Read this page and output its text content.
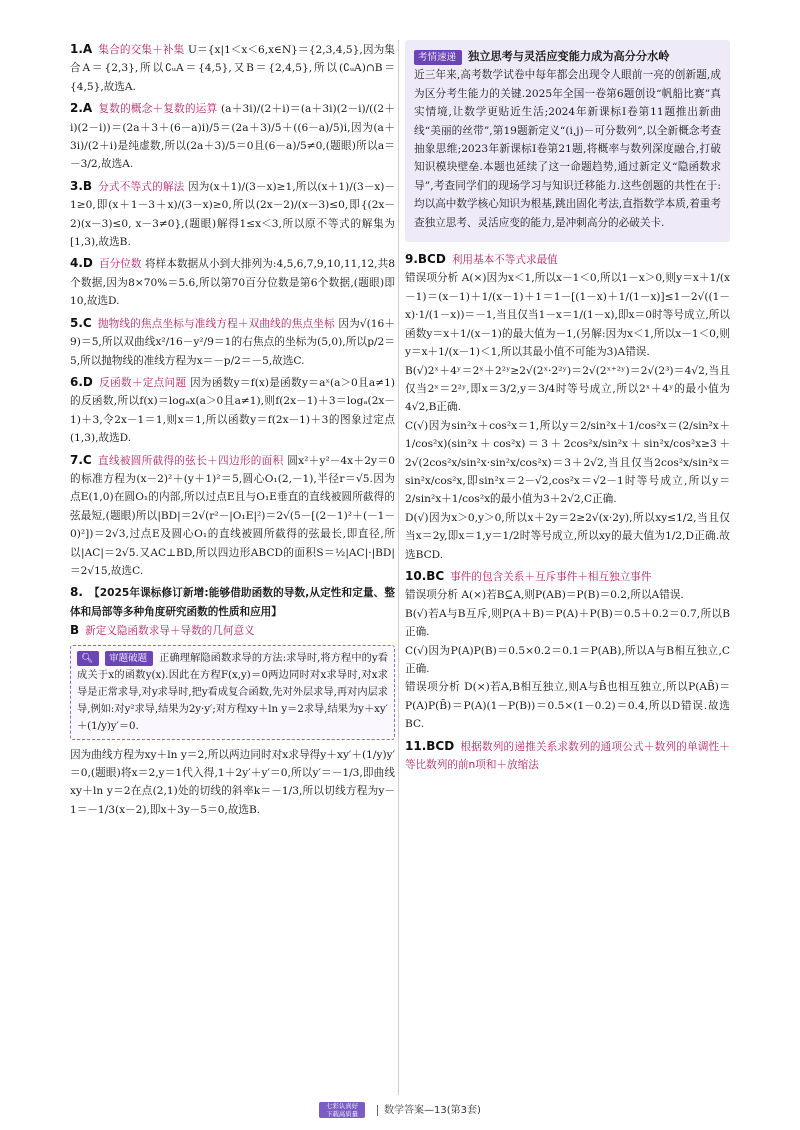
1.A 集合的交集＋补集 U＝{x|1＜x＜6,x∈N}＝{2,3,4,5},因为集合A＝{2,3},所以∁ᵤA＝{4,5},又B＝{2,4,5},所以(∁ᵤA)∩B＝{4,5},故选A.
2.A 复数的概念＋复数的运算 (a＋3i)/(2＋i)＝(a＋3i)(2－i)/((2＋i)(2－i))＝(2a＋3＋(6－a)i)/5＝(2a＋3)/5＋((6－a)/5)i,因为(a＋3i)/(2＋i)是纯虚数,所以(2a＋3)/5＝0且(6－a)/5≠0,(题眼)所以a＝－3/2,故选A.
3.B 分式不等式的解法 因为(x＋1)/(3－x)≥1,所以(x＋1)/(3－x)－1≥0,即(x＋1－3＋x)/(3－x)≥0,所以(2x－2)/(x－3)≤0,即{(2x－2)(x－3)≤0, x－3≠0},(题眼)解得1≤x＜3,所以原不等式的解集为[1,3),故选B.
4.D 百分位数 将样本数据从小到大排列为:4,5,6,7,9,10,11,12,共8个数据,因为8×70%＝5.6,所以第70百分位数是第6个数据,(题眼)即10,故选D.
5.C 抛物线的焦点坐标与准线方程＋双曲线的焦点坐标 因为√(16＋9)＝5,所以双曲线x²/16－y²/9＝1的右焦点的坐标为(5,0),所以p/2＝5,所以抛物线的准线方程为x＝－p/2＝－5,故选C.
6.D 反函数＋定点问题 因为函数y＝f(x)是函数y＝aˣ(a＞0且a≠1)的反函数,所以f(x)＝logₐx(a＞0且a≠1),则f(2x－1)＋3＝logₐ(2x－1)＋3,令2x－1＝1,则x＝1,所以函数y＝f(2x－1)＋3的图象过定点(1,3),故选D.
7.C 直线被圆所截得的弦长＋四边形的面积 圆x²＋y²－4x＋2y＝0的标准方程为(x－2)²＋(y＋1)²＝5,圆心O₁(2,－1),半径r＝√5.因为点E(1,0)在圆O₁的内部,所以过点E且与O₁E垂直的直线被圆所截得的弦最短,(题眼)所以|BD|＝2√(r²－|O₁E|²)＝2√(5－[(2－1)²＋(－1－0)²])＝2√3,过点E及圆心O₁的直线被圆所截得的弦最长,即直径,所以|AC|＝2√5.又AC⊥BD,所以四边形ABCD的面积S＝½|AC|·|BD|＝2√15,故选C.

8. 【2025年课标修订新增:能够借助函数的导数,从定性和定量、整体和局部等多种角度研究函数的性质和应用】

B 新定义隐函数求导＋导数的几何意义

🔍︎ 审题破题 正确理解隐函数求导的方法:求导时,将方程中的y看成关于x的函数y(x).因此在方程F(x,y)＝0两边同时对x求导时,对x求导是正常求导,对y求导时,把y看成复合函数,先对外层求导,再对内层求导,例如:对y²求导,结果为2y·y′;对方程xy＋ln y＝2求导,结果为y＋xy′＋(1/y)y′＝0.
因为曲线方程为xy＋ln y＝2,所以两边同时对x求导得y＋xy′＋(1/y)y′＝0,(题眼)将x＝2,y＝1代入得,1＋2y′＋y′＝0,所以y′＝－1/3,即曲线xy＋ln y＝2在点(2,1)处的切线的斜率k＝－1/3,所以切线方程为y－1＝－1/3(x－2),即x＋3y－5＝0,故选B.

考情速递 独立思考与灵活应变能力成为高分分水岭

近三年来,高考数学试卷中每年都会出现令人眼前一亮的创新题,成为区分考生能力的关键.2025年全国一卷第6题创设“帆船比赛”真实情境,让数学更贴近生活;2024年新课标Ⅰ卷第11题推出新曲线“美丽的丝带”,第19题新定义“(i,j)－可分数列”,以全新概念考查抽象思维;2023年新课标Ⅰ卷第21题,将概率与数列深度融合,打破知识模块壁垒.本题也延续了这一命题趋势,通过新定义“隐函数求导”,考查同学们的现场学习与知识迁移能力.这些创题的共性在于:均以高中数学核心知识为根基,跳出固化考法,直指数学本质,着重考查独立思考、灵活应变的能力,是冲刺高分的必破关卡.

9.BCD 利用基本不等式求最值

错误项分析 A(×)因为x＜1,所以x－1＜0,所以1－x＞0,则y＝x＋1/(x－1)＝(x－1)＋1/(x－1)＋1＝1－[(1－x)＋1/(1－x)]≤1－2√((1－x)·1/(1－x))＝－1,当且仅当1－x＝1/(1－x),即x＝0时等号成立,所以函数y＝x＋1/(x－1)的最大值为－1,(另解:因为x＜1,所以x－1＜0,则y＝x＋1/(x－1)＜1,所以其最小值不可能为3)A错误.

B(√)2ˣ＋4ʸ＝2ˣ＋2²ʸ≥2√(2ˣ·2²ʸ)＝2√(2ˣ⁺²ʸ)＝2√(2³)＝4√2,当且仅当2ˣ＝2²ʸ,即x＝3/2,y＝3/4时等号成立,所以2ˣ＋4ʸ的最小值为4√2,B正确.

C(√)因为sin²x＋cos²x＝1,所以y＝2/sin²x＋1/cos²x＝(2/sin²x＋1/cos²x)(sin²x＋cos²x)＝3＋2cos²x/sin²x＋sin²x/cos²x≥3＋2√(2cos²x/sin²x·sin²x/cos²x)＝3＋2√2,当且仅当2cos²x/sin²x＝sin²x/cos²x,即sin²x＝2－√2,cos²x＝√2－1时等号成立,所以y＝2/sin²x＋1/cos²x的最小值为3＋2√2,C正确.

D(√)因为x＞0,y＞0,所以x＋2y＝2≥2√(x·2y),所以xy≤1/2,当且仅当x＝2y,即x＝1,y＝1/2时等号成立,所以xy的最大值为1/2,D正确.故选BCD.

10.BC 事件的包含关系＋互斥事件＋相互独立事件

错误项分析 A(×)若B⊆A,则P(AB)＝P(B)＝0.2,所以A错误.

B(√)若A与B互斥,则P(A＋B)＝P(A)＋P(B)＝0.5＋0.2＝0.7,所以B正确.

C(√)因为P(A)P(B)＝0.5×0.2＝0.1＝P(AB),所以A与B相互独立,C正确.

错误项分析 D(×)若A,B相互独立,则A与B̄也相互独立,所以P(AB̄)＝P(A)P(B̄)＝P(A)(1－P(B))＝0.5×(1－0.2)＝0.4,所以D错误.故选BC.

11.BCD 根据数列的递推关系求数列的通项公式＋数列的单调性＋等比数列的前n项和＋放缩法
七彩认真好
下载高质量	数学答案—13(第3套)
